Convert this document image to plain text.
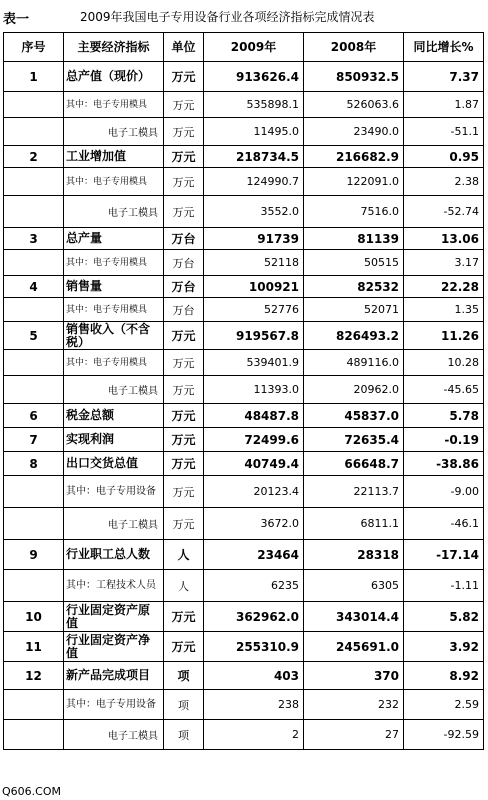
表一	2009年我国电子专用设备行业各项经济指标完成情况表
序号	主要经济指标	单位	2009年	2008年	同比增长%
1	总产值（现价）	万元	913626.4	850932.5	7.37
	其中：电子专用模具	万元	535898.1	526063.6	1.87
	电子工模具	万元	11495.0	23490.0	-51.1
2	工业增加值	万元	218734.5	216682.9	0.95
	其中：电子专用模具	万元	124990.7	122091.0	2.38
	电子工模具	万元	3552.0	7516.0	-52.74
3	总产量	万台	91739	81139	13.06
	其中：电子专用模具	万台	52118	50515	3.17
4	销售量	万台	100921	82532	22.28
	其中：电子专用模具	万台	52776	52071	1.35
5	销售收入（不含税）	万元	919567.8	826493.2	11.26
	其中：电子专用模具	万元	539401.9	489116.0	10.28
	电子工模具	万元	11393.0	20962.0	-45.65
6	税金总额	万元	48487.8	45837.0	5.78
7	实现利润	万元	72499.6	72635.4	-0.19
8	出口交货总值	万元	40749.4	66648.7	-38.86
	其中：电子专用设备	万元	20123.4	22113.7	-9.00
	电子工模具	万元	3672.0	6811.1	-46.1
9	行业职工总人数	人	23464	28318	-17.14
	其中：工程技术人员	人	6235	6305	-1.11
10	行业固定资产原值	万元	362962.0	343014.4	5.82
11	行业固定资产净值	万元	255310.9	245691.0	3.92
12	新产品完成项目	项	403	370	8.92
	其中：电子专用设备	项	238	232	2.59
	电子工模具	项	2	27	-92.59
Q606.COM
